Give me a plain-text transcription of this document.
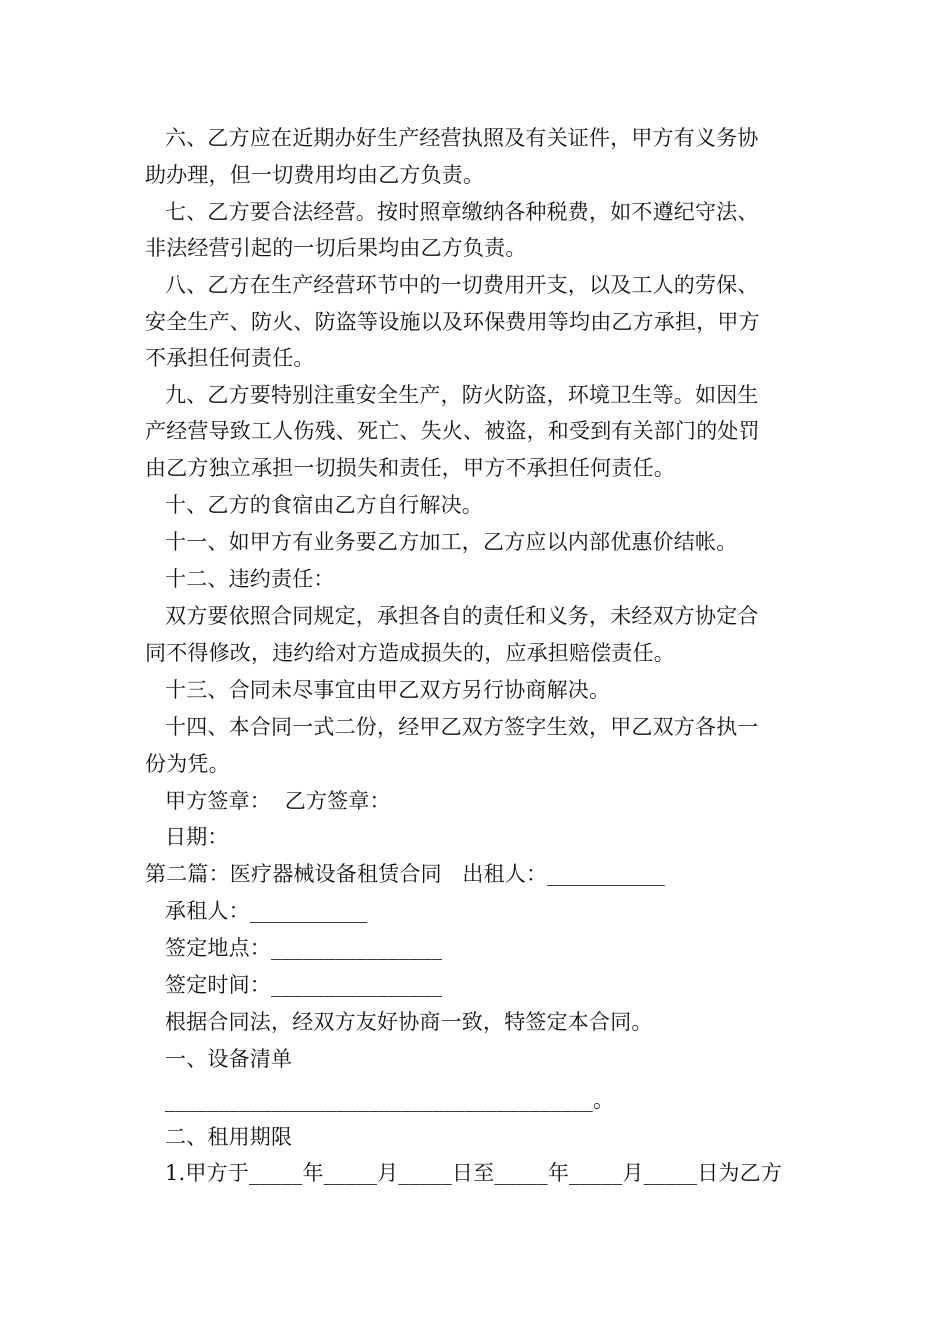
六、乙方应在近期办好生产经营执照及有关证件，甲方有义务协
助办理，但一切费用均由乙方负责。
七、乙方要合法经营。按时照章缴纳各种税费，如不遵纪守法、
非法经营引起的一切后果均由乙方负责。
八、乙方在生产经营环节中的一切费用开支，以及工人的劳保、
安全生产、防火、防盗等设施以及环保费用等均由乙方承担，甲方
不承担任何责任。
九、乙方要特别注重安全生产，防火防盗，环境卫生等。如因生
产经营导致工人伤残、死亡、失火、被盗，和受到有关部门的处罚
由乙方独立承担一切损失和责任，甲方不承担任何责任。
十、乙方的食宿由乙方自行解决。
十一、如甲方有业务要乙方加工，乙方应以内部优惠价结帐。
十二、违约责任：
双方要依照合同规定，承担各自的责任和义务，未经双方协定合
同不得修改，违约给对方造成损失的，应承担赔偿责任。
十三、合同未尽事宜由甲乙双方另行协商解决。
十四、本合同一式二份，经甲乙双方签字生效，甲乙双方各执一
份为凭。
甲方签章：  乙方签章：
日期：
第二篇：医疗器械设备租赁合同   出租人：___________
承租人：___________
签定地点：________________
签定时间：________________
根据合同法，经双方友好协商一致，特签定本合同。
一、设备清单
________________________________________。
二、租用期限
1.甲方于_____年_____月_____日至_____年_____月_____日为乙方
